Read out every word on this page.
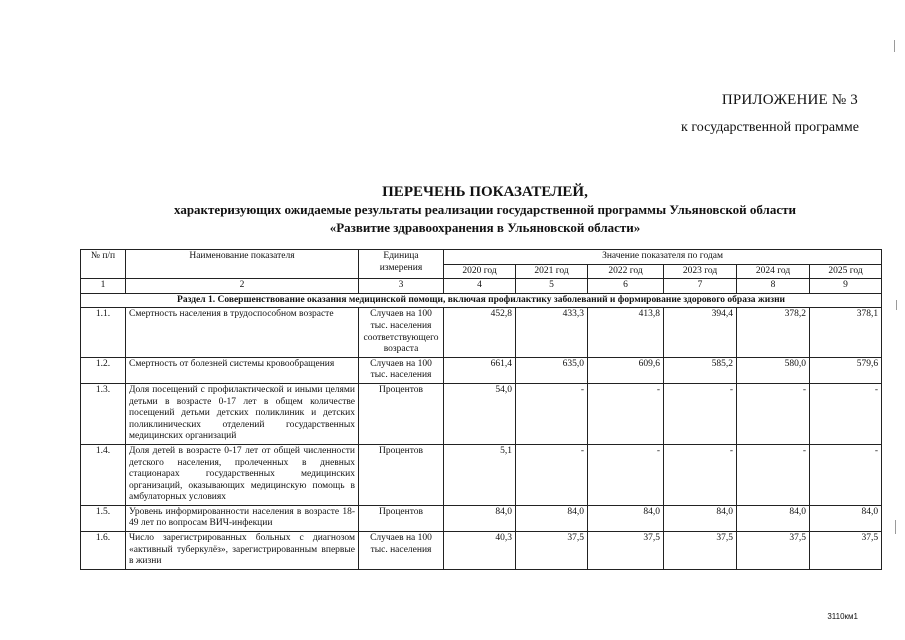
ПРИЛОЖЕНИЕ № 3
к государственной программе
ПЕРЕЧЕНЬ ПОКАЗАТЕЛЕЙ,
характеризующих ожидаемые результаты реализации государственной программы Ульяновской области
«Развитие здравоохранения в Ульяновской области»
№ п/п	Наименование показателя	Единица измерения	Значение показателя по годам					
			2020 год	2021 год	2022 год	2023 год	2024 год	2025 год
1	2	3	4	5	6	7	8	9
Раздел 1. Совершенствование оказания медицинской помощи, включая профилактику заболеваний и формирование здорового образа жизни								
1.1.	Смертность населения в трудоспособном возрасте	Случаев на 100 тыс. населения соответствующего возраста	452,8	433,3	413,8	394,4	378,2	378,1
1.2.	Смертность от болезней системы кровообращения	Случаев на 100 тыс. населения	661,4	635,0	609,6	585,2	580,0	579,6
1.3.	Доля посещений с профилактической и иными целями детьми в возрасте 0-17 лет в общем количестве посещений детьми детских поликлиник и детских поликлинических отделений государственных медицинских организаций	Процентов	54,0	-	-	-	-	-
1.4.	Доля детей в возрасте 0-17 лет от общей численности детского населения, пролеченных в дневных стационарах государственных медицинских организаций, оказывающих медицинскую помощь в амбулаторных условиях	Процентов	5,1	-	-	-	-	-
1.5.	Уровень информированности населения в возрасте 18-49 лет по вопросам ВИЧ-инфекции	Процентов	84,0	84,0	84,0	84,0	84,0	84,0
1.6.	Число зарегистрированных больных с диагнозом «активный туберкулёз», зарегистрированным впервые в жизни	Случаев на 100 тыс. населения	40,3	37,5	37,5	37,5	37,5	37,5
3110км1
